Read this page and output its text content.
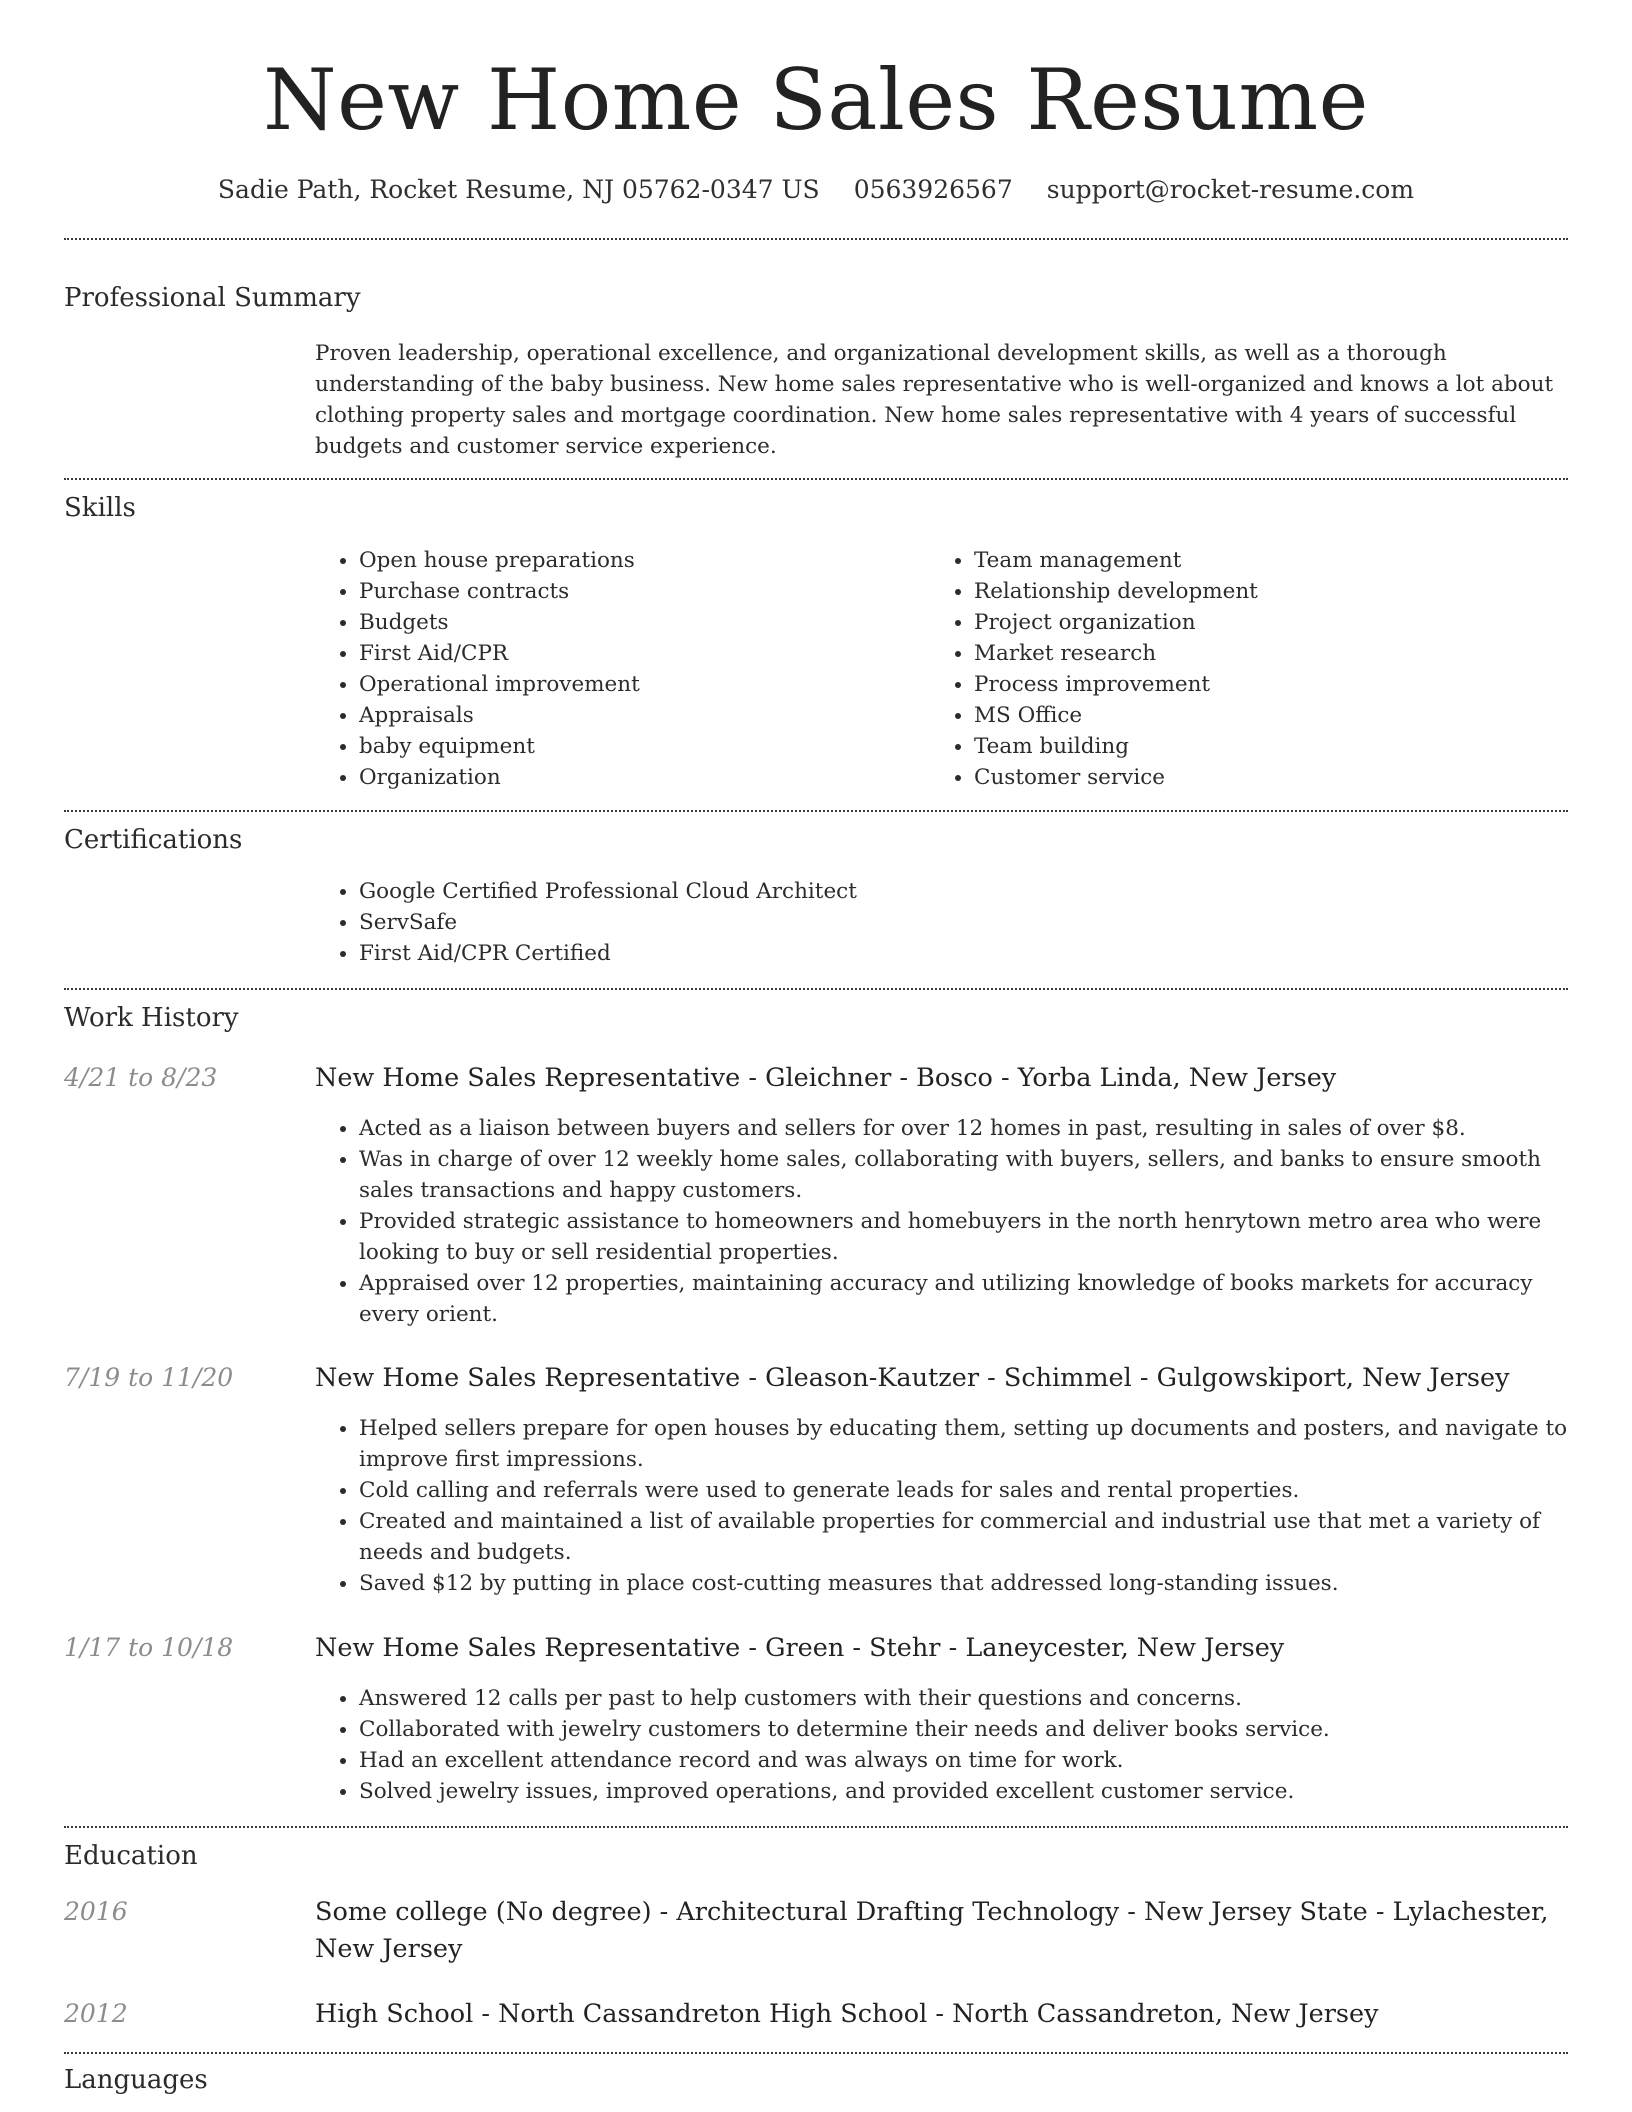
New Home Sales Resume
Sadie Path, Rocket Resume, NJ 05762-0347 US 0563926567 support@rocket-resume.com
Professional Summary

Proven leadership, operational excellence, and organizational development skills, as well as a thorough understanding of the baby business. New home sales representative who is well-organized and knows a lot about clothing property sales and mortgage coordination. New home sales representative with 4 years of successful budgets and customer service experience.

Skills
• Open house preparations
• Purchase contracts
• Budgets
• First Aid/CPR
• Operational improvement
• Appraisals
• baby equipment
• Organization
• Team management
• Relationship development
• Project organization
• Market research
• Process improvement
• MS Office
• Team building
• Customer service
Certifications
• Google Certified Professional Cloud Architect
• ServSafe
• First Aid/CPR Certified
Work History
4/21 to 8/23	New Home Sales Representative - Gleichner - Bosco - Yorba Linda, New Jersey
• Acted as a liaison between buyers and sellers for over 12 homes in past, resulting in sales of over $8.
• Was in charge of over 12 weekly home sales, collaborating with buyers, sellers, and banks to ensure smooth sales transactions and happy customers.
• Provided strategic assistance to homeowners and homebuyers in the north henrytown metro area who were looking to buy or sell residential properties.
• Appraised over 12 properties, maintaining accuracy and utilizing knowledge of books markets for accuracy every orient.
7/19 to 11/20	New Home Sales Representative - Gleason-Kautzer - Schimmel - Gulgowskiport, New Jersey
• Helped sellers prepare for open houses by educating them, setting up documents and posters, and navigate to improve first impressions.
• Cold calling and referrals were used to generate leads for sales and rental properties.
• Created and maintained a list of available properties for commercial and industrial use that met a variety of needs and budgets.
• Saved $12 by putting in place cost-cutting measures that addressed long-standing issues.
1/17 to 10/18	New Home Sales Representative - Green - Stehr - Laneycester, New Jersey
• Answered 12 calls per past to help customers with their questions and concerns.
• Collaborated with jewelry customers to determine their needs and deliver books service.
• Had an excellent attendance record and was always on time for work.
• Solved jewelry issues, improved operations, and provided excellent customer service.
Education
2016	Some college (No degree) - Architectural Drafting Technology - New Jersey State - Lylachester, New Jersey
2012	High School - North Cassandreton High School - North Cassandreton, New Jersey
Languages
